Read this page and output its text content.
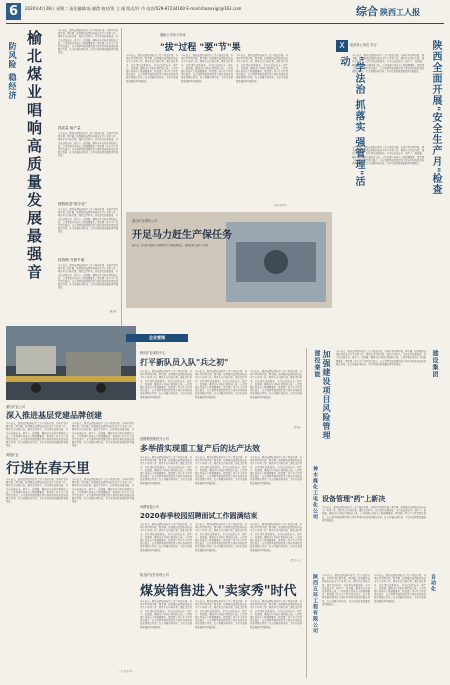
6	2020年4月28日 星期二 责任编辑/高 晓渭 校对/张 立 刚 版式/许 丹 电话/029-87234160 E-mail:shaanxigr@163.com	综合 陕西工人报
防风险 稳经济 榆北煤业唱响高质量发展最强音	今年以来，面对疫情防控和复工复产双重任务，各单位坚持两手抓、两手硬，统筹推进疫情防控和安全生产各项工作，紧盯年度目标任务，强化责任担当，持续深化改革创新，全力以赴保安全、稳生产、促发展，确保全年目标任务圆满完成。公司党委认真落实上级部署要求，把党建工作与生产经营深度融合，充分发挥基层党组织战斗堡垒作用和党员先锋模范作用，扎实开展各项活动，为企业高质量发展提供坚强保证。
抓质量 稳产量
今年以来，面对疫情防控和复工复产双重任务，各单位坚持两手抓、两手硬，统筹推进疫情防控和安全生产各项工作，紧盯年度目标任务，强化责任担当，持续深化改革创新，全力以赴保安全、稳生产、促发展，确保全年目标任务圆满完成。公司党委认真落实上级部署要求，把党建工作与生产经营深度融合，充分发挥基层党组织战斗堡垒作用和党员先锋模范作用，扎实开展各项活动，为企业高质量发展提供坚强保证。
硬核推进"数字化"
今年以来，面对疫情防控和复工复产双重任务，各单位坚持两手抓、两手硬，统筹推进疫情防控和安全生产各项工作，紧盯年度目标任务，强化责任担当，持续深化改革创新，全力以赴保安全、稳生产、促发展，确保全年目标任务圆满完成。公司党委认真落实上级部署要求，把党建工作与生产经营深度融合，充分发挥基层党组织战斗堡垒作用和党员先锋模范作用，扎实开展各项活动，为企业高质量发展提供坚强保证。
抓管理 开源节流
今年以来，面对疫情防控和复工复产双重任务，各单位坚持两手抓、两手硬，统筹推进疫情防控和安全生产各项工作，紧盯年度目标任务，强化责任担当，持续深化改革创新，全力以赴保安全、稳生产、促发展，确保全年目标任务圆满完成。公司党委认真落实上级部署要求，把党建工作与生产经营深度融合，充分发挥基层党组织战斗堡垒作用和党员先锋模范作用，扎实开展各项活动，为企业高质量发展提供坚强保证。
（陈 鑫）
蒲白矿业公司
深入推进基层党建品牌创建
今年以来，面对疫情防控和复工复产双重任务，各单位坚持两手抓、两手硬，统筹推进疫情防控和安全生产各项工作，紧盯年度目标任务，强化责任担当，持续深化改革创新，全力以赴保安全、稳生产、促发展，确保全年目标任务圆满完成。公司党委认真落实上级部署要求，把党建工作与生产经营深度融合，充分发挥基层党组织战斗堡垒作用和党员先锋模范作用，扎实开展各项活动，为企业高质量发展提供坚强保证。
今年以来，面对疫情防控和复工复产双重任务，各单位坚持两手抓、两手硬，统筹推进疫情防控和安全生产各项工作，紧盯年度目标任务，强化责任担当，持续深化改革创新，全力以赴保安全、稳生产、促发展，确保全年目标任务圆满完成。公司党委认真落实上级部署要求，把党建工作与生产经营深度融合，充分发挥基层党组织战斗堡垒作用和党员先锋模范作用，扎实开展各项活动，为企业高质量发展提供坚强保证。
黄陵矿业
行进在春天里
今年以来，面对疫情防控和复工复产双重任务，各单位坚持两手抓、两手硬，统筹推进疫情防控和安全生产各项工作，紧盯年度目标任务，强化责任担当，持续深化改革创新，全力以赴保安全、稳生产、促发展，确保全年目标任务圆满完成。公司党委认真落实上级部署要求，把党建工作与生产经营深度融合，充分发挥基层党组织战斗堡垒作用和党员先锋模范作用，扎实开展各项活动，为企业高质量发展提供坚强保证。
今年以来，面对疫情防控和复工复产双重任务，各单位坚持两手抓、两手硬，统筹推进疫情防控和安全生产各项工作，紧盯年度目标任务，强化责任担当，持续深化改革创新，全力以赴保安全、稳生产、促发展，确保全年目标任务圆满完成。公司党委认真落实上级部署要求，把党建工作与生产经营深度融合，充分发挥基层党组织战斗堡垒作用和党员先锋模范作用，扎实开展各项活动，为企业高质量发展提供坚强保证。
（李 平 夏 雪）
潜能公司动力车间
"拔"过程 "要"节"果
今年以来，面对疫情防控和复工复产双重任务，各单位坚持两手抓、两手硬，统筹推进疫情防控和安全生产各项工作，紧盯年度目标任务，强化责任担当，持续深化改革创新，全力以赴保安全、稳生产、促发展，确保全年目标任务圆满完成。公司党委认真落实上级部署要求，把党建工作与生产经营深度融合，充分发挥基层党组织战斗堡垒作用和党员先锋模范作用，扎实开展各项活动，为企业高质量发展提供坚强保证。
今年以来，面对疫情防控和复工复产双重任务，各单位坚持两手抓、两手硬，统筹推进疫情防控和安全生产各项工作，紧盯年度目标任务，强化责任担当，持续深化改革创新，全力以赴保安全、稳生产、促发展，确保全年目标任务圆满完成。公司党委认真落实上级部署要求，把党建工作与生产经营深度融合，充分发挥基层党组织战斗堡垒作用和党员先锋模范作用，扎实开展各项活动，为企业高质量发展提供坚强保证。
今年以来，面对疫情防控和复工复产双重任务，各单位坚持两手抓、两手硬，统筹推进疫情防控和安全生产各项工作，紧盯年度目标任务，强化责任担当，持续深化改革创新，全力以赴保安全、稳生产、促发展，确保全年目标任务圆满完成。公司党委认真落实上级部署要求，把党建工作与生产经营深度融合，充分发挥基层党组织战斗堡垒作用和党员先锋模范作用，扎实开展各项活动，为企业高质量发展提供坚强保证。
（苏 伟 彭 婷）
澄合矿业煤机公司
开足马力赶生产保任务
连日来，澄合矿业煤机公司组织骨干力量加班加点，保质保量完成生产任务。
X	陕西省公务员 学习
"学法治 抓落实 强管理"活动	陕西全面开展"安全生产月"检查
今年以来，面对疫情防控和复工复产双重任务，各单位坚持两手抓、两手硬，统筹推进疫情防控和安全生产各项工作，紧盯年度目标任务，强化责任担当，持续深化改革创新，全力以赴保安全、稳生产、促发展，确保全年目标任务圆满完成。公司党委认真落实上级部署要求，把党建工作与生产经营深度融合，充分发挥基层党组织战斗堡垒作用和党员先锋模范作用，扎实开展各项活动，为企业高质量发展提供坚强保证。
今年以来，面对疫情防控和复工复产双重任务，各单位坚持两手抓、两手硬，统筹推进疫情防控和安全生产各项工作，紧盯年度目标任务，强化责任担当，持续深化改革创新，全力以赴保安全、稳生产、促发展，确保全年目标任务圆满完成。公司党委认真落实上级部署要求，把党建工作与生产经营深度融合，充分发挥基层党组织战斗堡垒作用和党员先锋模范作用，扎实开展各项活动，为企业高质量发展提供坚强保证。
企业要闻
韩长矿业煤机中心
打平新队员入队"兵之初"
今年以来，面对疫情防控和复工复产双重任务，各单位坚持两手抓、两手硬，统筹推进疫情防控和安全生产各项工作，紧盯年度目标任务，强化责任担当，持续深化改革创新，全力以赴保安全、稳生产、促发展，确保全年目标任务圆满完成。公司党委认真落实上级部署要求，把党建工作与生产经营深度融合，充分发挥基层党组织战斗堡垒作用和党员先锋模范作用，扎实开展各项活动，为企业高质量发展提供坚强保证。
今年以来，面对疫情防控和复工复产双重任务，各单位坚持两手抓、两手硬，统筹推进疫情防控和安全生产各项工作，紧盯年度目标任务，强化责任担当，持续深化改革创新，全力以赴保安全、稳生产、促发展，确保全年目标任务圆满完成。公司党委认真落实上级部署要求，把党建工作与生产经营深度融合，充分发挥基层党组织战斗堡垒作用和党员先锋模范作用，扎实开展各项活动，为企业高质量发展提供坚强保证。
今年以来，面对疫情防控和复工复产双重任务，各单位坚持两手抓、两手硬，统筹推进疫情防控和安全生产各项工作，紧盯年度目标任务，强化责任担当，持续深化改革创新，全力以赴保安全、稳生产、促发展，确保全年目标任务圆满完成。公司党委认真落实上级部署要求，把党建工作与生产经营深度融合，充分发挥基层党组织战斗堡垒作用和党员先锋模范作用，扎实开展各项活动，为企业高质量发展提供坚强保证。
（张 敏）
延钢集团炼铁分公司
多举措实现重工复产后的达产达效
今年以来，面对疫情防控和复工复产双重任务，各单位坚持两手抓、两手硬，统筹推进疫情防控和安全生产各项工作，紧盯年度目标任务，强化责任担当，持续深化改革创新，全力以赴保安全、稳生产、促发展，确保全年目标任务圆满完成。公司党委认真落实上级部署要求，把党建工作与生产经营深度融合，充分发挥基层党组织战斗堡垒作用和党员先锋模范作用，扎实开展各项活动，为企业高质量发展提供坚强保证。
今年以来，面对疫情防控和复工复产双重任务，各单位坚持两手抓、两手硬，统筹推进疫情防控和安全生产各项工作，紧盯年度目标任务，强化责任担当，持续深化改革创新，全力以赴保安全、稳生产、促发展，确保全年目标任务圆满完成。公司党委认真落实上级部署要求，把党建工作与生产经营深度融合，充分发挥基层党组织战斗堡垒作用和党员先锋模范作用，扎实开展各项活动，为企业高质量发展提供坚强保证。
今年以来，面对疫情防控和复工复产双重任务，各单位坚持两手抓、两手硬，统筹推进疫情防控和安全生产各项工作，紧盯年度目标任务，强化责任担当，持续深化改革创新，全力以赴保安全、稳生产、促发展，确保全年目标任务圆满完成。公司党委认真落实上级部署要求，把党建工作与生产经营深度融合，充分发挥基层党组织战斗堡垒作用和党员先锋模范作用，扎实开展各项活动，为企业高质量发展提供坚强保证。
神渭管道公司
2020春季校园招聘面试工作圆满结束
今年以来，面对疫情防控和复工复产双重任务，各单位坚持两手抓、两手硬，统筹推进疫情防控和安全生产各项工作，紧盯年度目标任务，强化责任担当，持续深化改革创新，全力以赴保安全、稳生产、促发展，确保全年目标任务圆满完成。公司党委认真落实上级部署要求，把党建工作与生产经营深度融合，充分发挥基层党组织战斗堡垒作用和党员先锋模范作用，扎实开展各项活动，为企业高质量发展提供坚强保证。
今年以来，面对疫情防控和复工复产双重任务，各单位坚持两手抓、两手硬，统筹推进疫情防控和安全生产各项工作，紧盯年度目标任务，强化责任担当，持续深化改革创新，全力以赴保安全、稳生产、促发展，确保全年目标任务圆满完成。公司党委认真落实上级部署要求，把党建工作与生产经营深度融合，充分发挥基层党组织战斗堡垒作用和党员先锋模范作用，扎实开展各项活动，为企业高质量发展提供坚强保证。
今年以来，面对疫情防控和复工复产双重任务，各单位坚持两手抓、两手硬，统筹推进疫情防控和安全生产各项工作，紧盯年度目标任务，强化责任担当，持续深化改革创新，全力以赴保安全、稳生产、促发展，确保全年目标任务圆满完成。公司党委认真落实上级部署要求，把党建工作与生产经营深度融合，充分发挥基层党组织战斗堡垒作用和党员先锋模范作用，扎实开展各项活动，为企业高质量发展提供坚强保证。
（霍 东 东）
陕北矿业柠条塔公司
煤炭销售进入"卖家秀"时代
今年以来，面对疫情防控和复工复产双重任务，各单位坚持两手抓、两手硬，统筹推进疫情防控和安全生产各项工作，紧盯年度目标任务，强化责任担当，持续深化改革创新，全力以赴保安全、稳生产、促发展，确保全年目标任务圆满完成。公司党委认真落实上级部署要求，把党建工作与生产经营深度融合，充分发挥基层党组织战斗堡垒作用和党员先锋模范作用，扎实开展各项活动，为企业高质量发展提供坚强保证。
今年以来，面对疫情防控和复工复产双重任务，各单位坚持两手抓、两手硬，统筹推进疫情防控和安全生产各项工作，紧盯年度目标任务，强化责任担当，持续深化改革创新，全力以赴保安全、稳生产、促发展，确保全年目标任务圆满完成。公司党委认真落实上级部署要求，把党建工作与生产经营深度融合，充分发挥基层党组织战斗堡垒作用和党员先锋模范作用，扎实开展各项活动，为企业高质量发展提供坚强保证。
今年以来，面对疫情防控和复工复产双重任务，各单位坚持两手抓、两手硬，统筹推进疫情防控和安全生产各项工作，紧盯年度目标任务，强化责任担当，持续深化改革创新，全力以赴保安全、稳生产、促发展，确保全年目标任务圆满完成。公司党委认真落实上级部署要求，把党建工作与生产经营深度融合，充分发挥基层党组织战斗堡垒作用和党员先锋模范作用，扎实开展各项活动，为企业高质量发展提供坚强保证。
建投秦能 加强建设项目风险管理	今年以来，面对疫情防控和复工复产双重任务，各单位坚持两手抓、两手硬，统筹推进疫情防控和安全生产各项工作，紧盯年度目标任务，强化责任担当，持续深化改革创新，全力以赴保安全、稳生产、促发展，确保全年目标任务圆满完成。公司党委认真落实上级部署要求，把党建工作与生产经营深度融合，充分发挥基层党组织战斗堡垒作用和党员先锋模范作用，扎实开展各项活动，为企业高质量发展提供坚强保证。	建设集团
神木煤化工电化公司 设备管理"药"上新决
今年以来，面对疫情防控和复工复产双重任务，各单位坚持两手抓、两手硬，统筹推进疫情防控和安全生产各项工作，紧盯年度目标任务，强化责任担当，持续深化改革创新，全力以赴保安全、稳生产、促发展，确保全年目标任务圆满完成。公司党委认真落实上级部署要求，把党建工作与生产经营深度融合，充分发挥基层党组织战斗堡垒作用和党员先锋模范作用，扎实开展各项活动，为企业高质量发展提供坚强保证。
陕西五环工程有限公司	今年以来，面对疫情防控和复工复产双重任务，各单位坚持两手抓、两手硬，统筹推进疫情防控和安全生产各项工作，紧盯年度目标任务，强化责任担当，持续深化改革创新，全力以赴保安全、稳生产、促发展，确保全年目标任务圆满完成。公司党委认真落实上级部署要求，把党建工作与生产经营深度融合，充分发挥基层党组织战斗堡垒作用和党员先锋模范作用，扎实开展各项活动，为企业高质量发展提供坚强保证。
今年以来，面对疫情防控和复工复产双重任务，各单位坚持两手抓、两手硬，统筹推进疫情防控和安全生产各项工作，紧盯年度目标任务，强化责任担当，持续深化改革创新，全力以赴保安全、稳生产、促发展，确保全年目标任务圆满完成。公司党委认真落实上级部署要求，把党建工作与生产经营深度融合，充分发挥基层党组织战斗堡垒作用和党员先锋模范作用，扎实开展各项活动，为企业高质量发展提供坚强保证。
自动化
